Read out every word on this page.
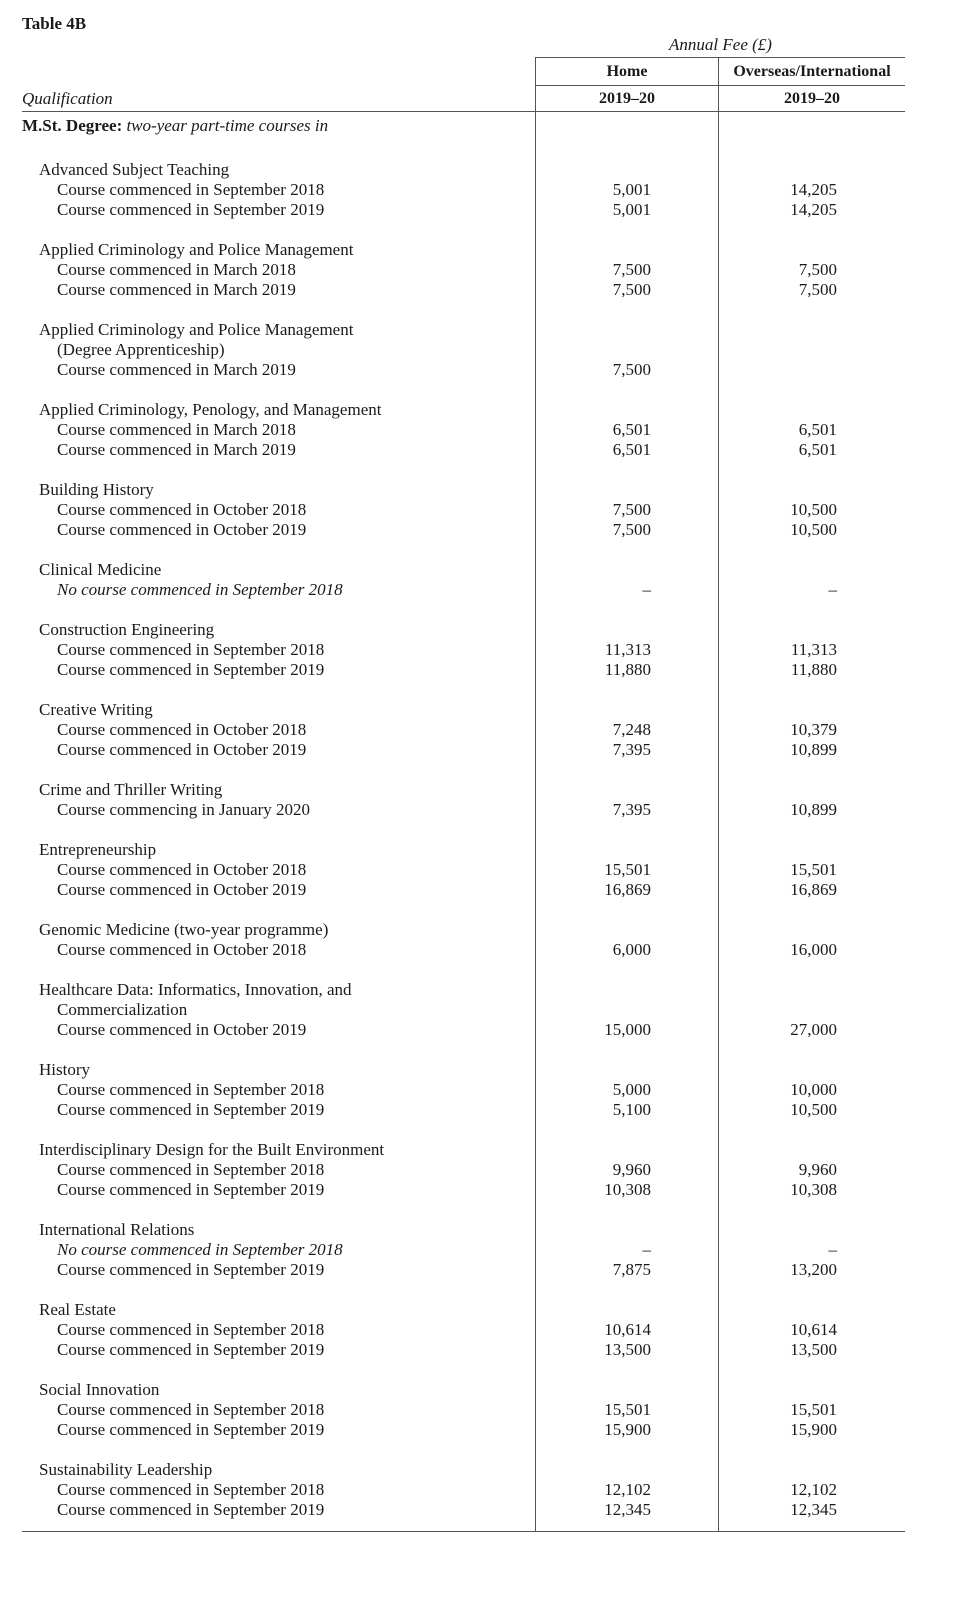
Table 4B
Annual Fee (£)
Home	Overseas/International
2019–20	2019–20
Qualification
M.St. Degree: two-year part-time courses in
Advanced Subject Teaching
Course commenced in September 2018	5,001	14,205
Course commenced in September 2019	5,001	14,205
Applied Criminology and Police Management
Course commenced in March 2018	7,500	7,500
Course commenced in March 2019	7,500	7,500
Applied Criminology and Police Management
(Degree Apprenticeship)
Course commenced in March 2019	7,500
Applied Criminology, Penology, and Management
Course commenced in March 2018	6,501	6,501
Course commenced in March 2019	6,501	6,501
Building History
Course commenced in October 2018	7,500	10,500
Course commenced in October 2019	7,500	10,500
Clinical Medicine
No course commenced in September 2018	–	–
Construction Engineering
Course commenced in September 2018	11,313	11,313
Course commenced in September 2019	11,880	11,880
Creative Writing
Course commenced in October 2018	7,248	10,379
Course commenced in October 2019	7,395	10,899
Crime and Thriller Writing
Course commencing in January 2020	7,395	10,899
Entrepreneurship
Course commenced in October 2018	15,501	15,501
Course commenced in October 2019	16,869	16,869
Genomic Medicine (two-year programme)
Course commenced in October 2018	6,000	16,000
Healthcare Data: Informatics, Innovation, and
Commercialization
Course commenced in October 2019	15,000	27,000
History
Course commenced in September 2018	5,000	10,000
Course commenced in September 2019	5,100	10,500
Interdisciplinary Design for the Built Environment
Course commenced in September 2018	9,960	9,960
Course commenced in September 2019	10,308	10,308
International Relations
No course commenced in September 2018	–	–
Course commenced in September 2019	7,875	13,200
Real Estate
Course commenced in September 2018	10,614	10,614
Course commenced in September 2019	13,500	13,500
Social Innovation
Course commenced in September 2018	15,501	15,501
Course commenced in September 2019	15,900	15,900
Sustainability Leadership
Course commenced in September 2018	12,102	12,102
Course commenced in September 2019	12,345	12,345
